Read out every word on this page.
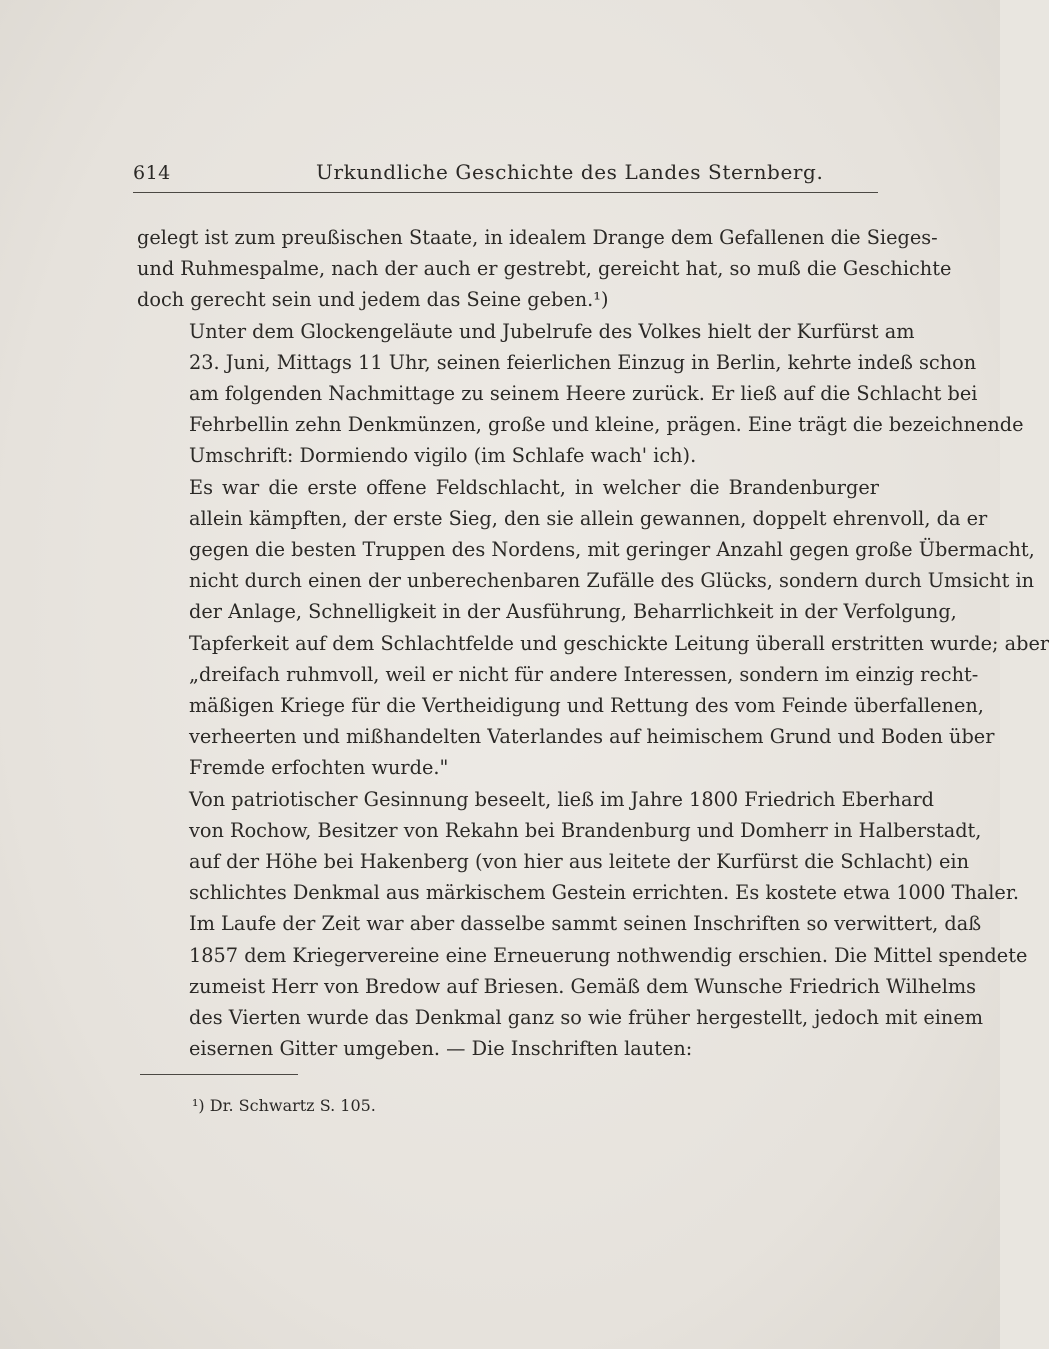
614	Urkundliche Geschichte des Landes Sternberg.

gelegt ist zum preußischen Staate, in idealem Drange dem Gefallenen die Sieges-
und Ruhmespalme, nach der auch er gestrebt, gereicht hat, so muß die Geschichte
doch gerecht sein und jedem das Seine geben.¹)

Unter dem Glockengeläute und Jubelrufe des Volkes hielt der Kurfürst am
23. Juni, Mittags 11 Uhr, seinen feierlichen Einzug in Berlin, kehrte indeß schon
am folgenden Nachmittage zu seinem Heere zurück. Er ließ auf die Schlacht bei
Fehrbellin zehn Denkmünzen, große und kleine, prägen. Eine trägt die bezeichnende
Umschrift: Dormiendo vigilo (im Schlafe wach' ich).

Es war die erste offene Feldschlacht, in welcher die Brandenburger
allein kämpften, der erste Sieg, den sie allein gewannen, doppelt ehrenvoll, da er
gegen die besten Truppen des Nordens, mit geringer Anzahl gegen große Übermacht,
nicht durch einen der unberechenbaren Zufälle des Glücks, sondern durch Umsicht in
der Anlage, Schnelligkeit in der Ausführung, Beharrlichkeit in der Verfolgung,
Tapferkeit auf dem Schlachtfelde und geschickte Leitung überall erstritten wurde; aber
„dreifach ruhmvoll, weil er nicht für andere Interessen, sondern im einzig recht-
mäßigen Kriege für die Vertheidigung und Rettung des vom Feinde überfallenen,
verheerten und mißhandelten Vaterlandes auf heimischem Grund und Boden über
Fremde erfochten wurde."

Von patriotischer Gesinnung beseelt, ließ im Jahre 1800 Friedrich Eberhard
von Rochow, Besitzer von Rekahn bei Brandenburg und Domherr in Halberstadt,
auf der Höhe bei Hakenberg (von hier aus leitete der Kurfürst die Schlacht) ein
schlichtes Denkmal aus märkischem Gestein errichten. Es kostete etwa 1000 Thaler.
Im Laufe der Zeit war aber dasselbe sammt seinen Inschriften so verwittert, daß
1857 dem Kriegervereine eine Erneuerung nothwendig erschien. Die Mittel spendete
zumeist Herr von Bredow auf Briesen. Gemäß dem Wunsche Friedrich Wilhelms
des Vierten wurde das Denkmal ganz so wie früher hergestellt, jedoch mit einem
eisernen Gitter umgeben. — Die Inschriften lauten:

¹) Dr. Schwartz S. 105.
